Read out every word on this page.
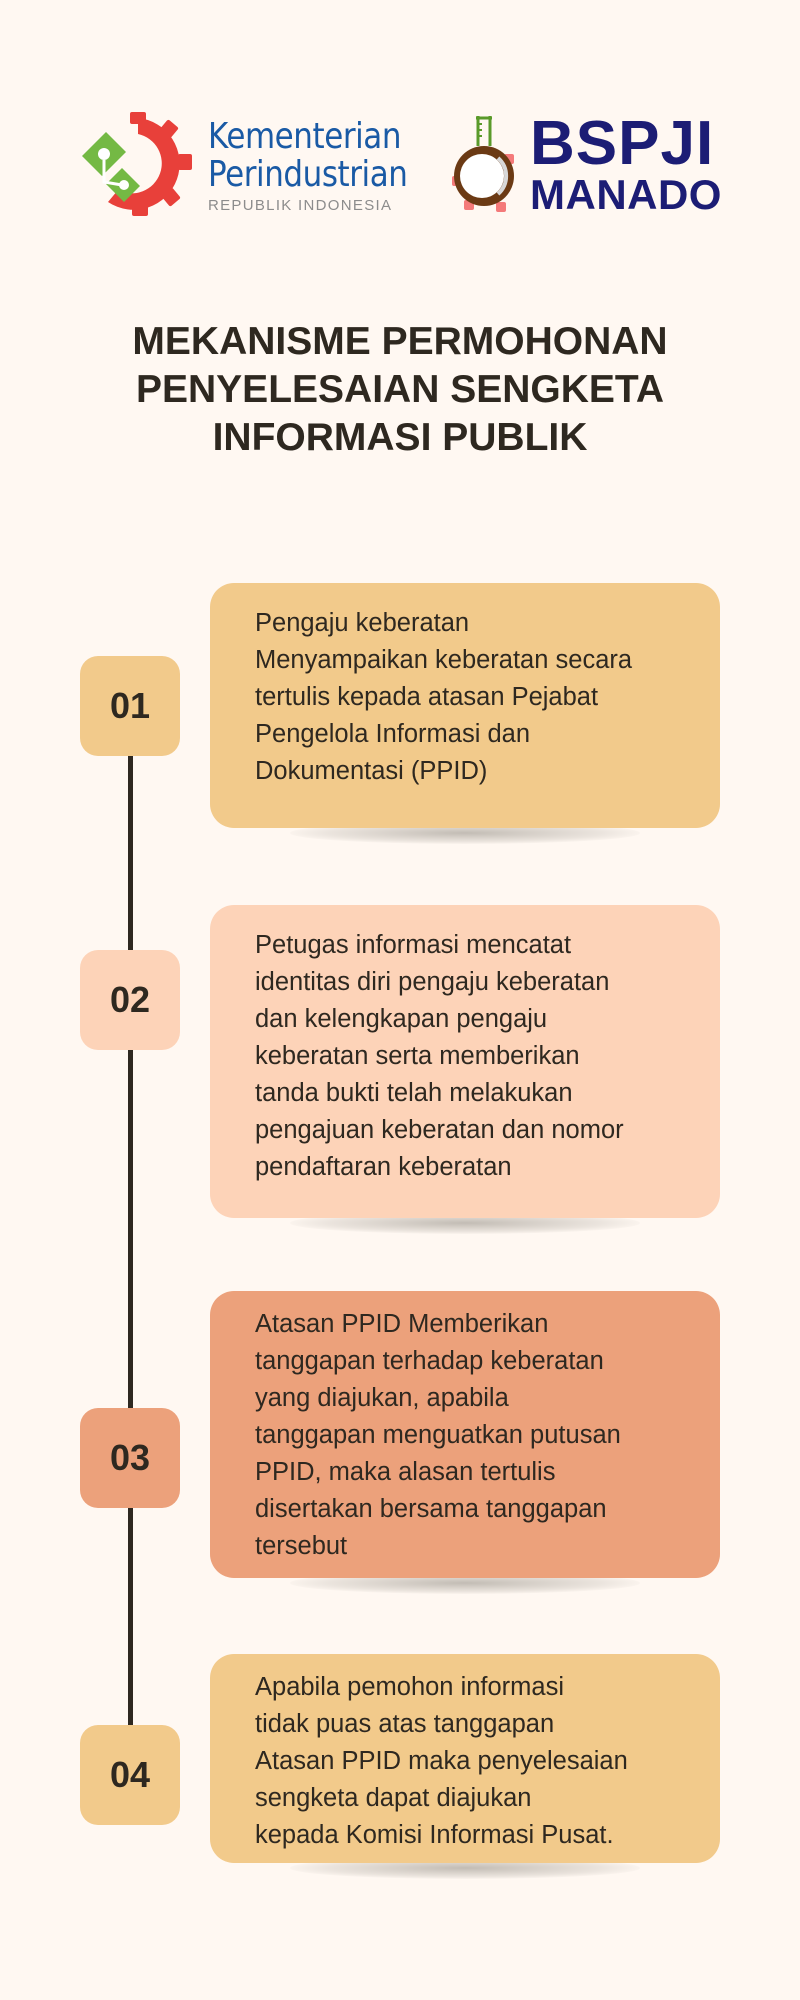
Kementerian
Perindustrian
REPUBLIK INDONESIA
BSPJI
MANADO
MEKANISME PERMOHONAN
PENYELESAIAN SENGKETA
INFORMASI PUBLIK
01

Pengaju keberatan
Menyampaikan keberatan secara
tertulis kepada atasan Pejabat
Pengelola Informasi dan
Dokumentasi (PPID)

02

Petugas informasi mencatat
identitas diri pengaju keberatan
dan kelengkapan pengaju
keberatan serta memberikan
tanda bukti telah melakukan
pengajuan keberatan dan nomor
pendaftaran keberatan

03

Atasan PPID Memberikan
tanggapan terhadap keberatan
yang diajukan, apabila
tanggapan menguatkan putusan
PPID, maka alasan tertulis
disertakan bersama tanggapan
tersebut

04

Apabila pemohon informasi
tidak puas atas tanggapan
Atasan PPID maka penyelesaian
sengketa dapat diajukan
kepada Komisi Informasi Pusat.
